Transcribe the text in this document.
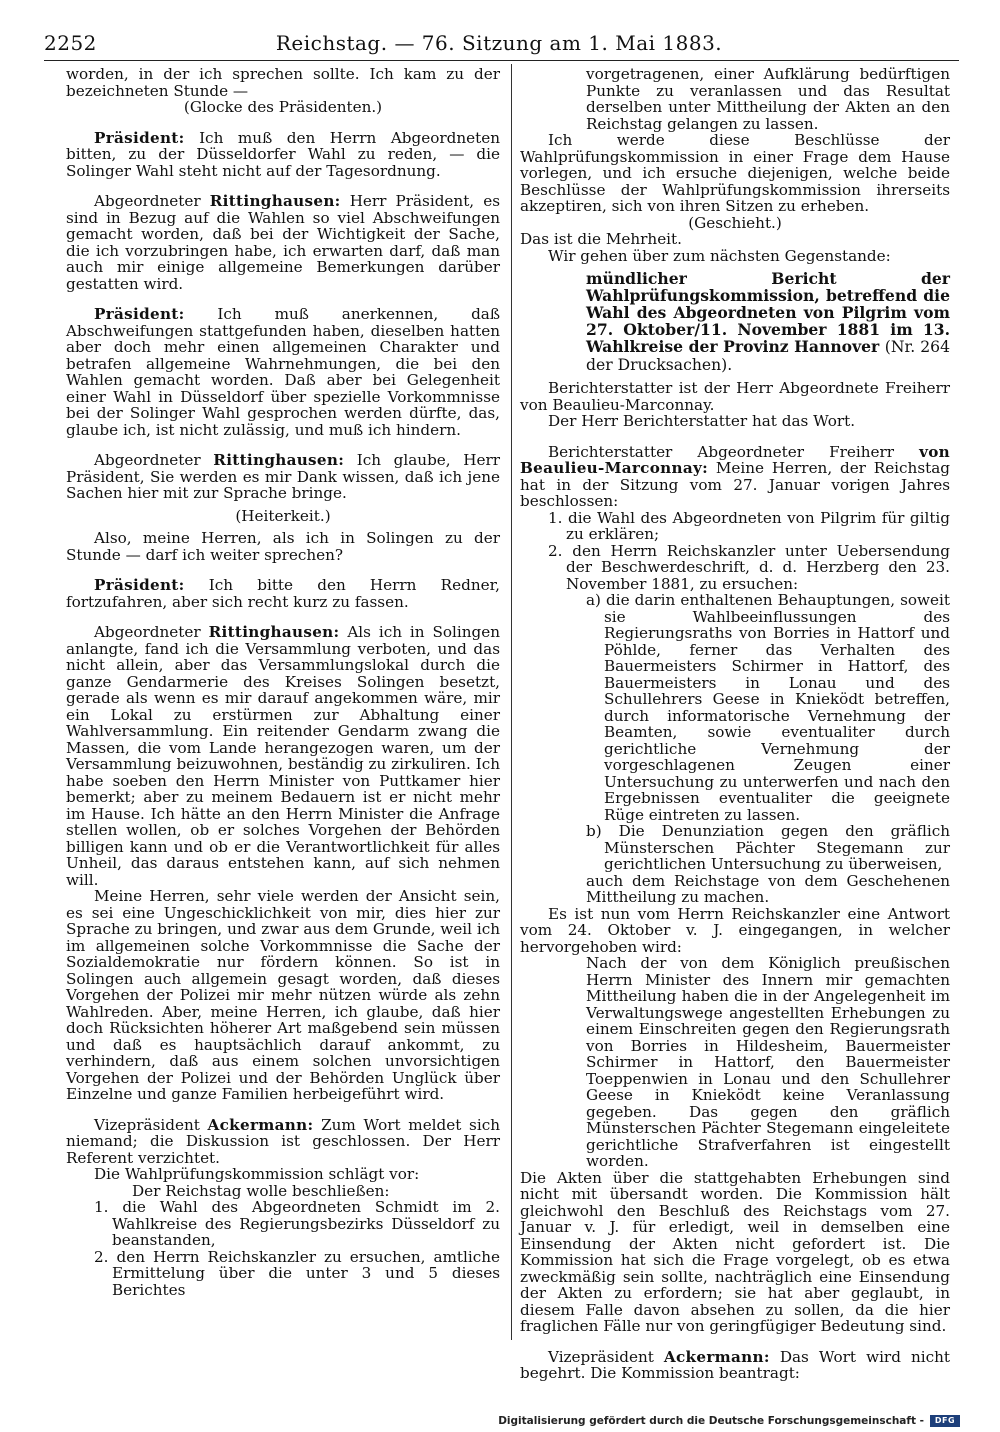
2252	Reichstag. — 76. Sitzung am 1. Mai 1883.

worden, in der ich sprechen sollte. Ich kam zu der bezeichneten Stunde —

(Glocke des Präsidenten.)

Präsident: Ich muß den Herrn Abgeordneten bitten, zu der Düsseldorfer Wahl zu reden, — die Solinger Wahl steht nicht auf der Tagesordnung.

Abgeordneter Rittinghausen: Herr Präsident, es sind in Bezug auf die Wahlen so viel Abschweifungen gemacht worden, daß bei der Wichtigkeit der Sache, die ich vorzubringen habe, ich erwarten darf, daß man auch mir einige allgemeine Bemerkungen darüber gestatten wird.

Präsident: Ich muß anerkennen, daß Abschweifungen stattgefunden haben, dieselben hatten aber doch mehr einen allgemeinen Charakter und betrafen allgemeine Wahrnehmungen, die bei den Wahlen gemacht worden. Daß aber bei Gelegenheit einer Wahl in Düsseldorf über spezielle Vorkommnisse bei der Solinger Wahl gesprochen werden dürfte, das, glaube ich, ist nicht zulässig, und muß ich hindern.

Abgeordneter Rittinghausen: Ich glaube, Herr Präsident, Sie werden es mir Dank wissen, daß ich jene Sachen hier mit zur Sprache bringe.

(Heiterkeit.)

Also, meine Herren, als ich in Solingen zu der Stunde — darf ich weiter sprechen?

Präsident: Ich bitte den Herrn Redner, fortzufahren, aber sich recht kurz zu fassen.

Abgeordneter Rittinghausen: Als ich in Solingen anlangte, fand ich die Versammlung verboten, und das nicht allein, aber das Versammlungslokal durch die ganze Gendarmerie des Kreises Solingen besetzt, gerade als wenn es mir darauf angekommen wäre, mir ein Lokal zu erstürmen zur Abhaltung einer Wahlversammlung. Ein reitender Gendarm zwang die Massen, die vom Lande herangezogen waren, um der Versammlung beizuwohnen, beständig zu zirkuliren. Ich habe soeben den Herrn Minister von Puttkamer hier bemerkt; aber zu meinem Bedauern ist er nicht mehr im Hause. Ich hätte an den Herrn Minister die Anfrage stellen wollen, ob er solches Vorgehen der Behörden billigen kann und ob er die Verantwortlichkeit für alles Unheil, das daraus entstehen kann, auf sich nehmen will.

Meine Herren, sehr viele werden der Ansicht sein, es sei eine Ungeschicklichkeit von mir, dies hier zur Sprache zu bringen, und zwar aus dem Grunde, weil ich im allgemeinen solche Vorkommnisse die Sache der Sozialdemokratie nur fördern können. So ist in Solingen auch allgemein gesagt worden, daß dieses Vorgehen der Polizei mir mehr nützen würde als zehn Wahlreden. Aber, meine Herren, ich glaube, daß hier doch Rücksichten höherer Art maßgebend sein müssen und daß es hauptsächlich darauf ankommt, zu verhindern, daß aus einem solchen unvorsichtigen Vorgehen der Polizei und der Behörden Unglück über Einzelne und ganze Familien herbeigeführt wird.

Vizepräsident Ackermann: Zum Wort meldet sich niemand; die Diskussion ist geschlossen. Der Herr Referent verzichtet.

Die Wahlprüfungskommission schlägt vor:

Der Reichstag wolle beschließen:

1. die Wahl des Abgeordneten Schmidt im 2. Wahlkreise des Regierungsbezirks Düsseldorf zu beanstanden,

2. den Herrn Reichskanzler zu ersuchen, amtliche Ermittelung über die unter 3 und 5 dieses Berichtes

vorgetragenen, einer Aufklärung bedürftigen Punkte zu veranlassen und das Resultat derselben unter Mittheilung der Akten an den Reichstag gelangen zu lassen.

Ich werde diese Beschlüsse der Wahlprüfungskommission in einer Frage dem Hause vorlegen, und ich ersuche diejenigen, welche beide Beschlüsse der Wahlprüfungskommission ihrerseits akzeptiren, sich von ihren Sitzen zu erheben.

(Geschieht.)

Das ist die Mehrheit.

Wir gehen über zum nächsten Gegenstande:

mündlicher Bericht der Wahlprüfungskommission, betreffend die Wahl des Abgeordneten von Pilgrim vom 27. Oktober/11. November 1881 im 13. Wahlkreise der Provinz Hannover (Nr. 264 der Drucksachen).

Berichterstatter ist der Herr Abgeordnete Freiherr von Beaulieu-Marconnay.

Der Herr Berichterstatter hat das Wort.

Berichterstatter Abgeordneter Freiherr von Beaulieu-Marconnay: Meine Herren, der Reichstag hat in der Sitzung vom 27. Januar vorigen Jahres beschlossen:

1. die Wahl des Abgeordneten von Pilgrim für giltig zu erklären;

2. den Herrn Reichskanzler unter Uebersendung der Beschwerdeschrift, d. d. Herzberg den 23. November 1881, zu ersuchen:

a) die darin enthaltenen Behauptungen, soweit sie Wahlbeeinflussungen des Regierungsraths von Borries in Hattorf und Pöhlde, ferner das Verhalten des Bauermeisters Schirmer in Hattorf, des Bauermeisters in Lonau und des Schullehrers Geese in Knieködt betreffen, durch informatorische Vernehmung der Beamten, sowie eventualiter durch gerichtliche Vernehmung der vorgeschlagenen Zeugen einer Untersuchung zu unterwerfen und nach den Ergebnissen eventualiter die geeignete Rüge eintreten zu lassen.

b) Die Denunziation gegen den gräflich Münsterschen Pächter Stegemann zur gerichtlichen Untersuchung zu überweisen,

auch dem Reichstage von dem Geschehenen Mittheilung zu machen.

Es ist nun vom Herrn Reichskanzler eine Antwort vom 24. Oktober v. J. eingegangen, in welcher hervorgehoben wird:

Nach der von dem Königlich preußischen Herrn Minister des Innern mir gemachten Mittheilung haben die in der Angelegenheit im Verwaltungswege angestellten Erhebungen zu einem Einschreiten gegen den Regierungsrath von Borries in Hildesheim, Bauermeister Schirmer in Hattorf, den Bauermeister Toeppenwien in Lonau und den Schullehrer Geese in Knieködt keine Veranlassung gegeben. Das gegen den gräflich Münsterschen Pächter Stegemann eingeleitete gerichtliche Strafverfahren ist eingestellt worden.

Die Akten über die stattgehabten Erhebungen sind nicht mit übersandt worden. Die Kommission hält gleichwohl den Beschluß des Reichstags vom 27. Januar v. J. für erledigt, weil in demselben eine Einsendung der Akten nicht gefordert ist. Die Kommission hat sich die Frage vorgelegt, ob es etwa zweckmäßig sein sollte, nachträglich eine Einsendung der Akten zu erfordern; sie hat aber geglaubt, in diesem Falle davon absehen zu sollen, da die hier fraglichen Fälle nur von geringfügiger Bedeutung sind.

Vizepräsident Ackermann: Das Wort wird nicht begehrt. Die Kommission beantragt:

Digitalisierung gefördert durch die Deutsche Forschungsgemeinschaft -	DFG
